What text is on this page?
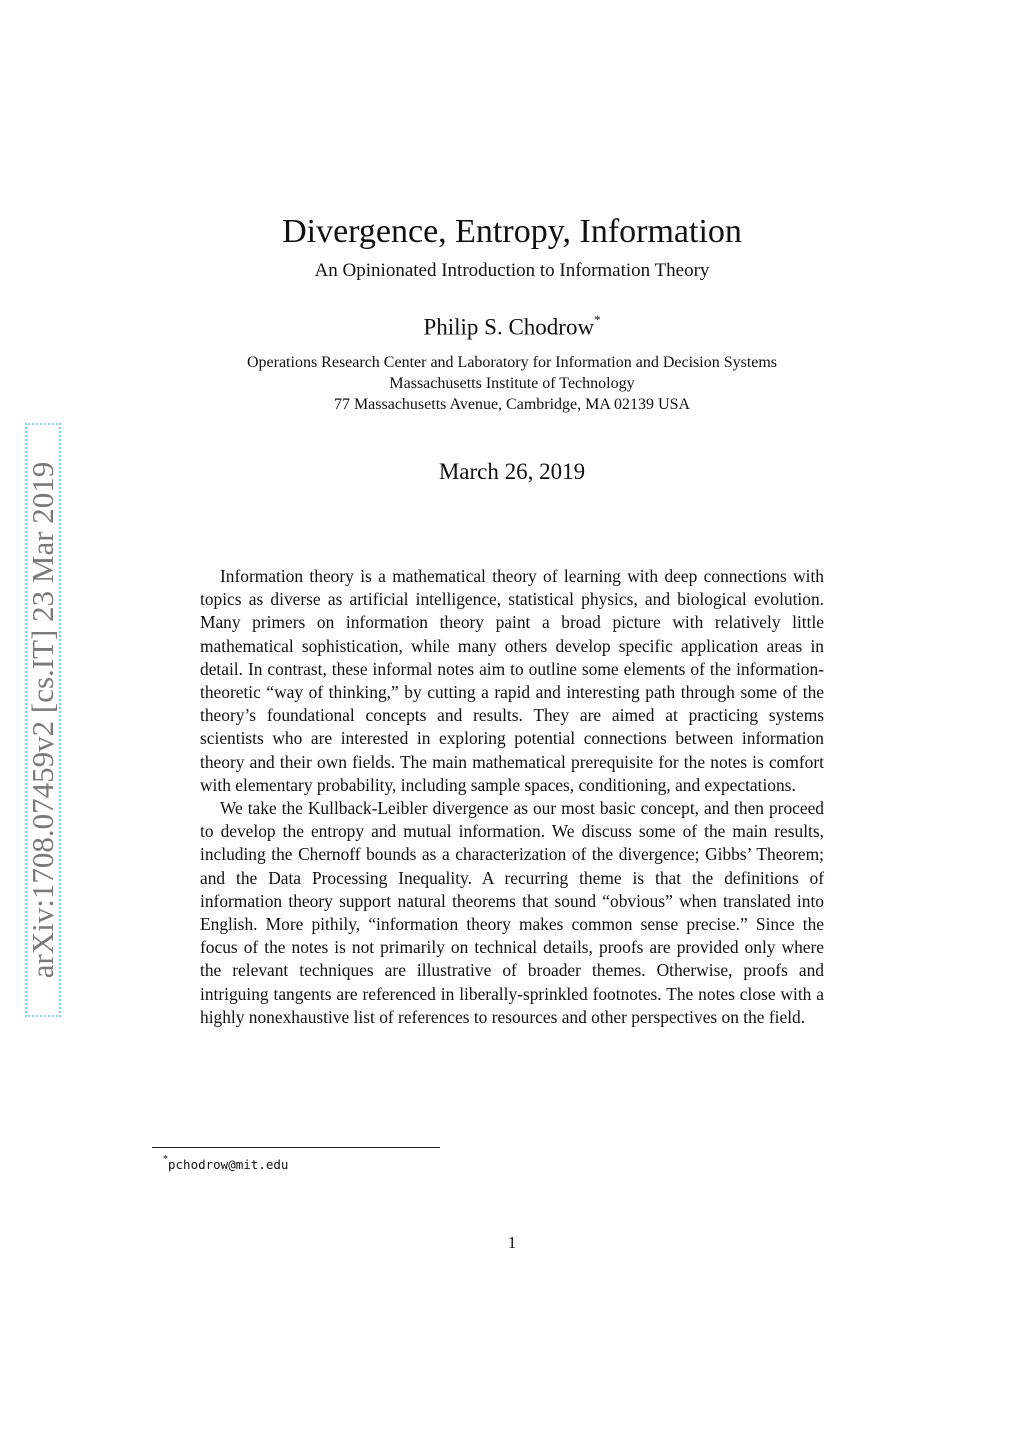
arXiv:1708.07459v2 [cs.IT] 23 Mar 2019
Divergence, Entropy, Information
An Opinionated Introduction to Information Theory
Philip S. Chodrow*
Operations Research Center and Laboratory for Information and Decision Systems
Massachusetts Institute of Technology
77 Massachusetts Avenue, Cambridge, MA 02139 USA
March 26, 2019

Information theory is a mathematical theory of learning with deep connections with topics as diverse as artificial intelligence, statistical physics, and biological evolution. Many primers on information theory paint a broad picture with relatively little mathematical sophistication, while many others develop specific application areas in detail. In contrast, these informal notes aim to outline some elements of the information-theoretic “way of thinking,” by cutting a rapid and interesting path through some of the theory’s foundational concepts and results. They are aimed at practicing systems scientists who are interested in exploring potential connections between information theory and their own fields. The main mathematical prerequisite for the notes is comfort with elementary probability, including sample spaces, conditioning, and expectations.

We take the Kullback-Leibler divergence as our most basic concept, and then proceed to develop the entropy and mutual information. We discuss some of the main results, including the Chernoff bounds as a characterization of the divergence; Gibbs’ Theorem; and the Data Processing Inequality. A recurring theme is that the definitions of information theory support natural theorems that sound “obvious” when translated into English. More pithily, “information theory makes common sense precise.” Since the focus of the notes is not primarily on technical details, proofs are provided only where the relevant techniques are illustrative of broader themes. Otherwise, proofs and intriguing tangents are referenced in liberally-sprinkled footnotes. The notes close with a highly nonexhaustive list of references to resources and other perspectives on the field.

*pchodrow@mit.edu
1
